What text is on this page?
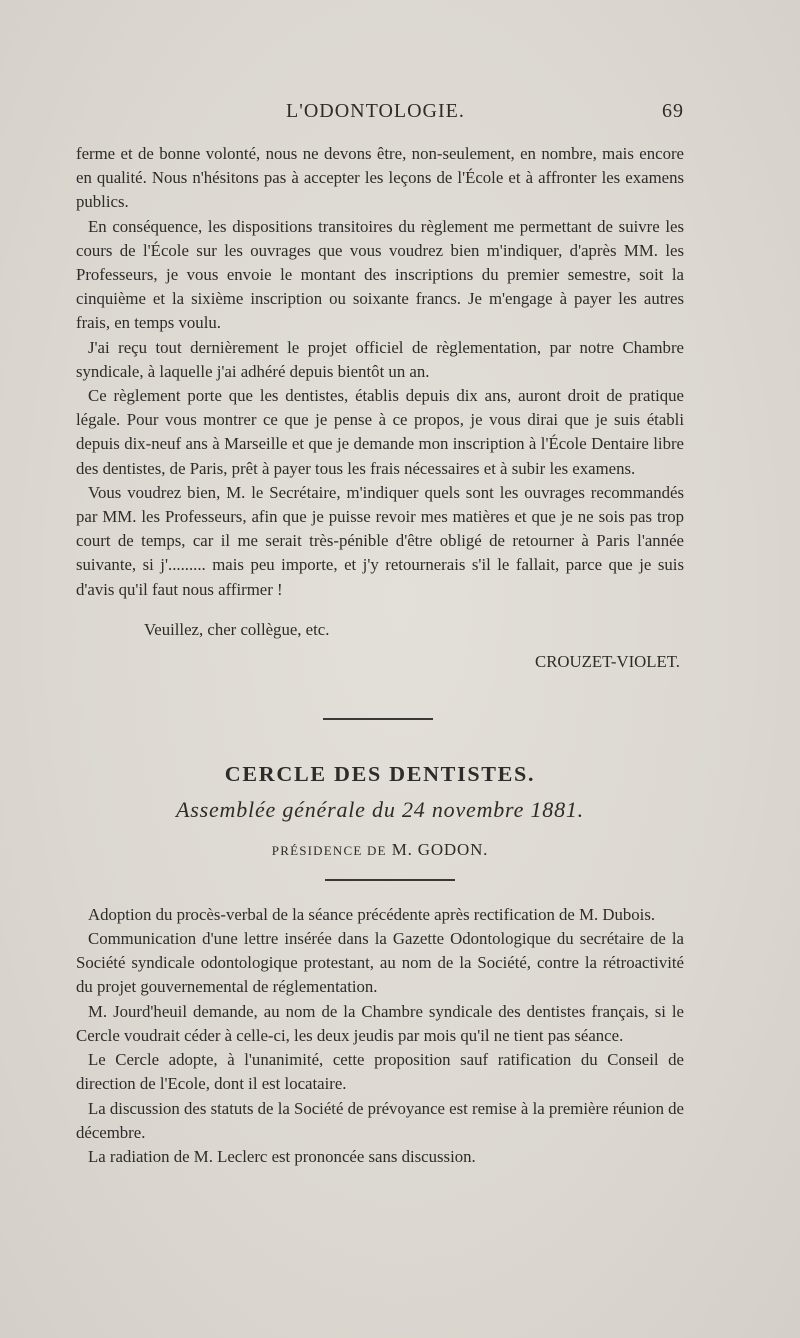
L'ODONTOLOGIE.	69

ferme et de bonne volonté, nous ne devons être, non-seulement, en nombre, mais encore en qualité. Nous n'hésitons pas à accepter les leçons de l'École et à affronter les examens publics.

En conséquence, les dispositions transitoires du règlement me permettant de suivre les cours de l'École sur les ouvrages que vous voudrez bien m'indiquer, d'après MM. les Professeurs, je vous envoie le montant des inscriptions du premier semestre, soit la cinquième et la sixième inscription ou soixante francs. Je m'engage à payer les autres frais, en temps voulu.

J'ai reçu tout dernièrement le projet officiel de règlementation, par notre Chambre syndicale, à laquelle j'ai adhéré depuis bientôt un an.

Ce règlement porte que les dentistes, établis depuis dix ans, auront droit de pratique légale. Pour vous montrer ce que je pense à ce propos, je vous dirai que je suis établi depuis dix-neuf ans à Marseille et que je demande mon inscription à l'École Dentaire libre des dentistes, de Paris, prêt à payer tous les frais nécessaires et à subir les examens.

Vous voudrez bien, M. le Secrétaire, m'indiquer quels sont les ouvrages recommandés par MM. les Professeurs, afin que je puisse revoir mes matières et que je ne sois pas trop court de temps, car il me serait très-pénible d'être obligé de retourner à Paris l'année suivante, si j'......... mais peu importe, et j'y retournerais s'il le fallait, parce que je suis d'avis qu'il faut nous affirmer !

Veuillez, cher collègue, etc.

CROUZET-VIOLET.

CERCLE DES DENTISTES.

Assemblée générale du 24 novembre 1881.

PRÉSIDENCE DE M. GODON.

Adoption du procès-verbal de la séance précédente après rectification de M. Dubois.

Communication d'une lettre insérée dans la Gazette Odontologique du secrétaire de la Société syndicale odontologique protestant, au nom de la Société, contre la rétroactivité du projet gouvernemental de réglementation.

M. Jourd'heuil demande, au nom de la Chambre syndicale des dentistes français, si le Cercle voudrait céder à celle-ci, les deux jeudis par mois qu'il ne tient pas séance.

Le Cercle adopte, à l'unanimité, cette proposition sauf ratification du Conseil de direction de l'Ecole, dont il est locataire.

La discussion des statuts de la Société de prévoyance est remise à la première réunion de décembre.

La radiation de M. Leclerc est prononcée sans discussion.
